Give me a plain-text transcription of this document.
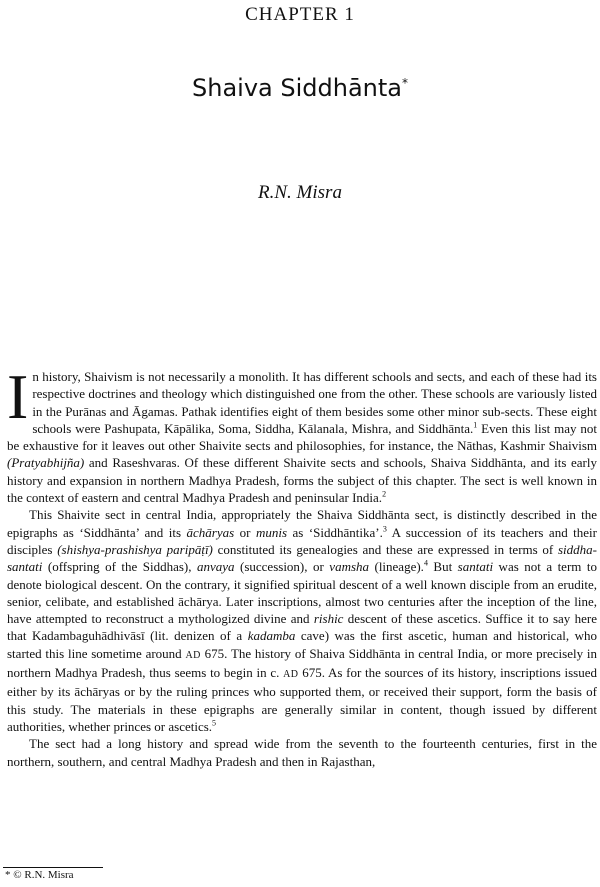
CHAPTER 1
Shaiva Siddhānta*
R.N. Misra

In history, Shaivism is not necessarily a monolith. It has different schools and sects, and each of these had its respective doctrines and theology which distinguished one from the other. These schools are variously listed in the Purānas and Āgamas. Pathak identifies eight of them besides some other minor sub-sects. These eight schools were Pashupata, Kāpālika, Soma, Siddha, Kālanala, Mishra, and Siddhānta.$^1$ Even this list may not be exhaustive for it leaves out other Shaivite sects and philosophies, for instance, the Nāthas, Kashmir Shaivism (Pratyabhijña) and Raseshvaras. Of these different Shaivite sects and schools, Shaiva Siddhānta, and its early history and expansion in northern Madhya Pradesh, forms the subject of this chapter. The sect is well known in the context of eastern and central Madhya Pradesh and peninsular India.$^2$

This Shaivite sect in central India, appropriately the Shaiva Siddhānta sect, is distinctly described in the epigraphs as ‘Siddhānta’ and its āchāryas or munis as ‘Siddhāntika’.$^3$ A succession of its teachers and their disciples (shishya-prashishya paripāṭī) constituted its genealogies and these are expressed in terms of siddha-santati (offspring of the Siddhas), anvaya (succession), or vamsha (lineage).$^4$ But santati was not a term to denote biological descent. On the contrary, it signified spiritual descent of a well known disciple from an erudite, senior, celibate, and established āchārya. Later inscriptions, almost two centuries after the inception of the line, have attempted to reconstruct a mythologized divine and rishic descent of these ascetics. Suffice it to say here that Kadambaguhādhivāsī (lit. denizen of a kadamba cave) was the first ascetic, human and historical, who started this line sometime around AD 675. The history of Shaiva Siddhānta in central India, or more precisely in northern Madhya Pradesh, thus seems to begin in c. AD 675. As for the sources of its history, inscriptions issued either by its āchāryas or by the ruling princes who supported them, or received their support, form the basis of this study. The materials in these epigraphs are generally similar in content, though issued by different authorities, whether princes or ascetics.$^5$

The sect had a long history and spread wide from the seventh to the fourteenth centuries, first in the northern, southern, and central Madhya Pradesh and then in Rajasthan,

* © R.N. Misra
